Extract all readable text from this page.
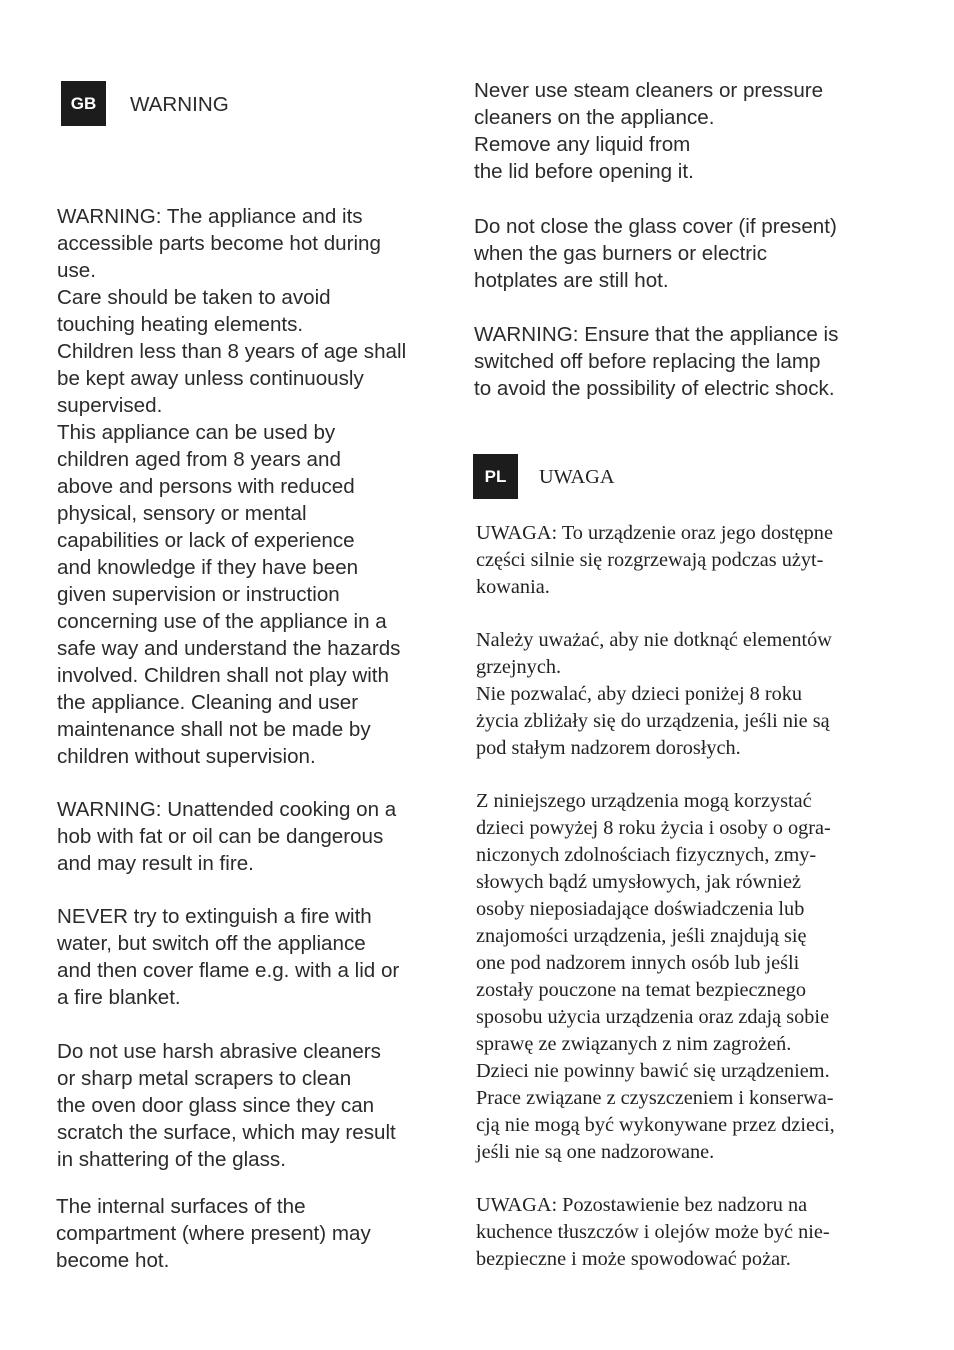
GB	WARNING

WARNING: The appliance and its
accessible parts become hot during
use.
Care should be taken to avoid
touching heating elements.
Children less than 8 years of age shall
be kept away unless continuously
supervised.
This appliance can be used by
children aged from 8 years and
above and persons with reduced
physical, sensory or mental
capabilities or lack of experience
and knowledge if they have been
given supervision or instruction
concerning use of the appliance in a
safe way and understand the hazards
involved. Children shall not play with
the appliance. Cleaning and user
maintenance shall not be made by
children without supervision.

WARNING: Unattended cooking on a
hob with fat or oil can be dangerous
and may result in fire.

NEVER try to extinguish a fire with
water, but switch off the appliance
and then cover flame e.g. with a lid or
a fire blanket.

Do not use harsh abrasive cleaners
or sharp metal scrapers to clean
the oven door glass since they can
scratch the surface, which may result
in shattering of the glass.

The internal surfaces of the
compartment (where present) may
become hot.

Never use steam cleaners or pressure
cleaners on the appliance.
Remove any liquid from
the lid before opening it.

Do not close the glass cover (if present)
when the gas burners or electric
hotplates are still hot.

WARNING: Ensure that the appliance is
switched off before replacing the lamp
to avoid the possibility of electric shock.

PL	UWAGA

UWAGA: To urządzenie oraz jego dostępne
części silnie się rozgrzewają podczas użyt-
kowania.

Należy uważać, aby nie dotknąć elementów
grzejnych.
Nie pozwalać, aby dzieci poniżej 8 roku
życia zbliżały się do urządzenia, jeśli nie są
pod stałym nadzorem dorosłych.

Z niniejszego urządzenia mogą korzystać
dzieci powyżej 8 roku życia i osoby o ogra-
niczonych zdolnościach fizycznych, zmy-
słowych bądź umysłowych, jak również
osoby nieposiadające doświadczenia lub
znajomości urządzenia, jeśli znajdują się
one pod nadzorem innych osób lub jeśli
zostały pouczone na temat bezpiecznego
sposobu użycia urządzenia oraz zdają sobie
sprawę ze związanych z nim zagrożeń.
Dzieci nie powinny bawić się urządzeniem.
Prace związane z czyszczeniem i konserwa-
cją nie mogą być wykonywane przez dzieci,
jeśli nie są one nadzorowane.

UWAGA: Pozostawienie bez nadzoru na
kuchence tłuszczów i olejów może być nie-
bezpieczne i może spowodować pożar.
